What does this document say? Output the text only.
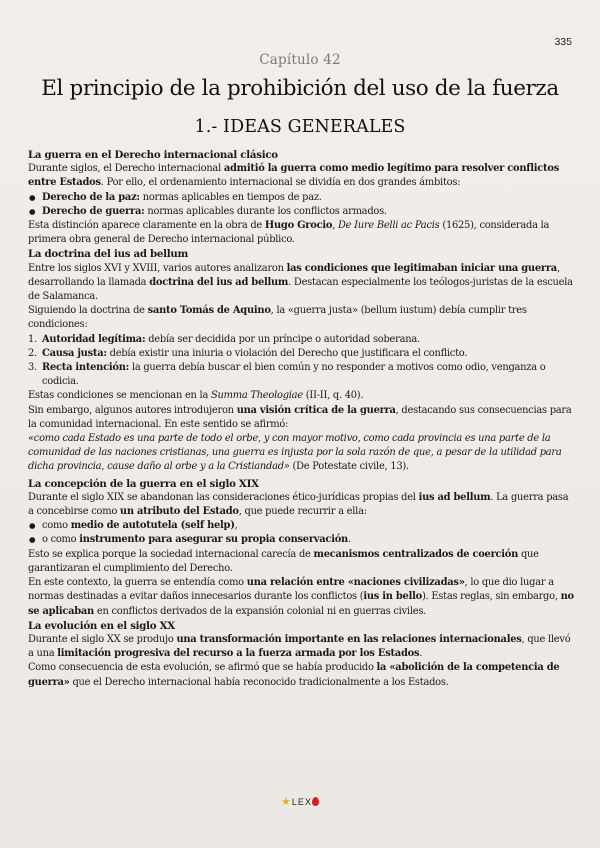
335
Capítulo 42
El principio de la prohibición del uso de la fuerza
1.- IDEAS GENERALES

La guerra en el Derecho internacional clásico

Durante siglos, el Derecho internacional admitió la guerra como medio legítimo para resolver conflictos entre Estados. Por ello, el ordenamiento internacional se dividía en dos grandes ámbitos:

● Derecho de la paz: normas aplicables en tiempos de paz.
● Derecho de guerra: normas aplicables durante los conflictos armados.

Esta distinción aparece claramente en la obra de Hugo Grocio, De Iure Belli ac Pacis (1625), considerada la primera obra general de Derecho internacional público.

La doctrina del ius ad bellum

Entre los siglos XVI y XVIII, varios autores analizaron las condiciones que legitimaban iniciar una guerra, desarrollando la llamada doctrina del ius ad bellum. Destacan especialmente los teólogos-juristas de la escuela de Salamanca.

Siguiendo la doctrina de santo Tomás de Aquino, la «guerra justa» (bellum iustum) debía cumplir tres condiciones:

1. Autoridad legítima: debía ser decidida por un príncipe o autoridad soberana.
2. Causa justa: debía existir una iniuria o violación del Derecho que justificara el conflicto.
3. Recta intención: la guerra debía buscar el bien común y no responder a motivos como odio, venganza o codicia.

Estas condiciones se mencionan en la Summa Theologiae (II-II, q. 40).

Sin embargo, algunos autores introdujeron una visión crítica de la guerra, destacando sus consecuencias para la comunidad internacional. En este sentido se afirmó:

«como cada Estado es una parte de todo el orbe, y con mayor motivo, como cada provincia es una parte de la comunidad de las naciones cristianas, una guerra es injusta por la sola razón de que, a pesar de la utilidad para dicha provincia, cause daño al orbe y a la Cristiandad» (De Potestate civile, 13).

La concepción de la guerra en el siglo XIX

Durante el siglo XIX se abandonan las consideraciones ético-jurídicas propias del ius ad bellum. La guerra pasa a concebirse como un atributo del Estado, que puede recurrir a ella:

● como medio de autotutela (self help),
● o como instrumento para asegurar su propia conservación.

Esto se explica porque la sociedad internacional carecía de mecanismos centralizados de coerción que garantizaran el cumplimiento del Derecho.

En este contexto, la guerra se entendía como una relación entre «naciones civilizadas», lo que dio lugar a normas destinadas a evitar daños innecesarios durante los conflictos (ius in bello). Estas reglas, sin embargo, no se aplicaban en conflictos derivados de la expansión colonial ni en guerras civiles.

La evolución en el siglo XX

Durante el siglo XX se produjo una transformación importante en las relaciones internacionales, que llevó a una limitación progresiva del recurso a la fuerza armada por los Estados.

Como consecuencia de esta evolución, se afirmó que se había producido la «abolición de la competencia de guerra» que el Derecho internacional había reconocido tradicionalmente a los Estados.

★LEX
